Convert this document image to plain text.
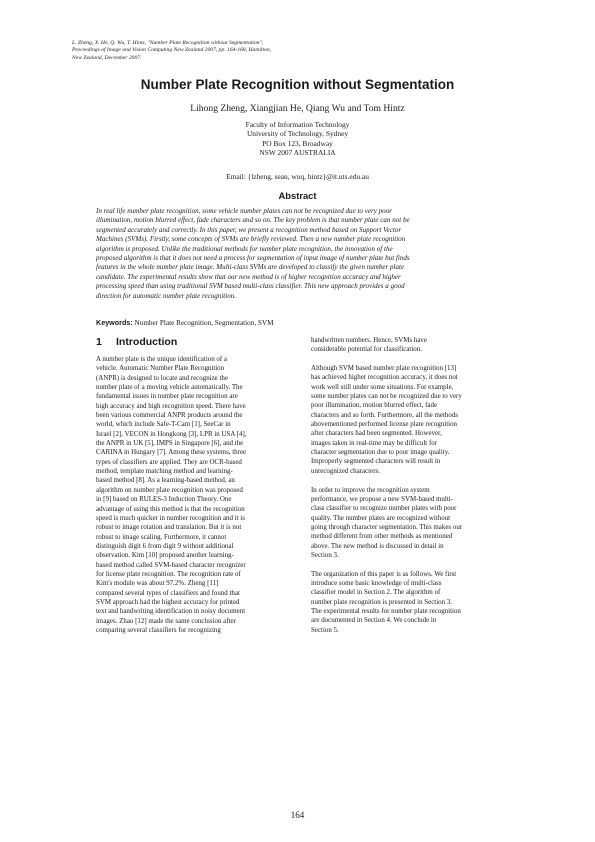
L. Zheng, X. He, Q. Wu, T. Hintz, "Number Plate Recognition without Segmentation",
Proceedings of Image and Vision Computing New Zealand 2007, pp. 164-168, Hamilton,
New Zealand, December 2007.
Number Plate Recognition without Segmentation
Lihong Zheng, Xiangjian He, Qiang Wu and Tom Hintz
Faculty of Information Technology
University of Technology, Sydney
PO Box 123, Broadway
NSW 2007 AUSTRALIA
Email: {lzheng, sean, wuq, hintz}@it.uts.edu.au
Abstract
In real life number plate recognition, some vehicle number plates can not be recognized due to very poor
illumination, motion blurred effect, fade characters and so on. The key problem is that number plate can not be
segmented accurately and correctly. In this paper, we present a recognition method based on Support Vector
Machines (SVMs). Firstly, some concepts of SVMs are briefly reviewed. Then a new number plate recognition
algorithm is proposed. Unlike the traditional methods for number plate recognition, the innovation of the
proposed algorithm is that it does not need a process for segmentation of input image of number plate but finds
features in the whole number plate image. Multi-class SVMs are developed to classify the given number plate
candidate. The experimental results show that our new method is of higher recognition accuracy and higher
processing speed than using traditional SVM based multi-class classifier. This new approach provides a good
direction for automatic number plate recognition.
Keywords: Number Plate Recognition, Segmentation, SVM
1 Introduction
A number plate is the unique identification of a
vehicle. Automatic Number Plate Recognition
(ANPR) is designed to locate and recognize the
number plate of a moving vehicle automatically. The
fundamental issues in number plate recognition are
high accuracy and high recognition speed. There have
been various commercial ANPR products around the
world, which include Safe-T-Cam [1], SeeCar in
Israel [2], VECON in Hongkong [3], LPR in USA [4],
the ANPR in UK [5], IMPS in Singapore [6], and the
CARINA in Hungary [7]. Among these systems, three
types of classifiers are applied. They are OCR-based
method, template matching method and learning-
based method [8]. As a learning-based method, an
algorithm on number plate recognition was proposed
in [9] based on RULES-3 Induction Theory. One
advantage of using this method is that the recognition
speed is much quicker in number recognition and it is
robust to image rotation and translation. But it is not
robust to image scaling. Furthermore, it cannot
distinguish digit 6 from digit 9 without additional
observation. Kim [10] proposed another learning-
based method called SVM-based character recognizer
for license plate recognition. The recognition rate of
Kim's module was about 97.2%. Zheng [11]
compared several types of classifiers and found that
SVM approach had the highest accuracy for printed
text and handwriting identification in noisy document
images. Zhao [12] made the same conclusion after
comparing several classifiers for recognizing
handwritten numbers. Hence, SVMs have
considerable potential for classification.
Although SVM based number plate recognition [13]
has achieved higher recognition accuracy, it does not
work well still under some situations. For example,
some number plates can not be recognized due to very
poor illumination, motion blurred effect, fade
characters and so forth. Furthermore, all the methods
abovementioned performed license plate recognition
after characters had been segmented. However,
images taken in real-time may be difficult for
character segmentation due to poor image quality.
Improperly segmented characters will result in
unrecognized characters.
In order to improve the recognition system
performance, we propose a new SVM-based multi-
class classifier to recognize number plates with poor
quality. The number plates are recognized without
going through character segmentation. This makes our
method different from other methods as mentioned
above. The new method is discussed in detail in
Section 3.
The organization of this paper is as follows. We first
introduce some basic knowledge of multi-class
classifier model in Section 2. The algorithm of
number plate recognition is presented in Section 3.
The experimental results for number plate recognition
are documented in Section 4. We conclude in
Section 5.
164
